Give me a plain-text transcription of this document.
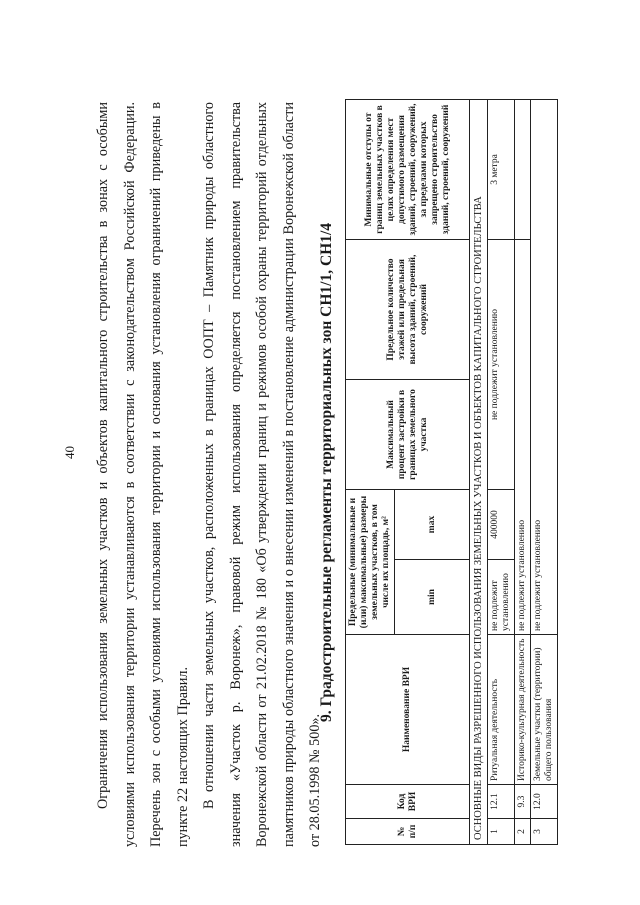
40	Ограничения использования земельных участков и объектов капитального строительства в зонах с особыми условиями использования территории устанавливаются в соответствии с законодательством Российской Федерации. Перечень зон с особыми условиями использования территории и основания установления ограничений приведены в пункте 22 настоящих Правил. В отношении части земельных участков, расположенных в границах ООПТ – Памятник природы областного значения «Участок р. Воронеж», правовой режим использования определяется постановлением правительства Воронежской области от 21.02.2018 № 180 «Об утверждении границ и режимов особой охраны территорий отдельных памятников природы областного значения и о внесении изменений в постановление администрации Воронежской области от 28.05.1998 № 500».

9. Градостроительные регламенты территориальных зон СН1/1, СН1/4
№ п/п	Код ВРИ	Наименование ВРИ	Предельные (минимальные и (или) максимальные) размеры земельных участков, в том числе их площадь, м²		Максимальный процент застройки в границах земельного участка	Предельное количество этажей или предельная высота зданий, строений, сооружений	Минимальные отступы от границ земельных участков в целях определения мест допустимого размещения зданий, строений, сооружений, за пределами которых запрещено строительство зданий, строений, сооружений
			min	max			
ОСНОВНЫЕ ВИДЫ РАЗРЕШЕННОГО ИСПОЛЬЗОВАНИЯ ЗЕМЕЛЬНЫХ УЧАСТКОВ И ОБЪЕКТОВ КАПИТАЛЬНОГО СТРОИТЕЛЬСТВА							
1	12.1	Ритуальная деятельность	не подлежит установлению	400000	не подлежит установлению		3 метра
2	9.3	Историко-культурная деятельность	не подлежит установлению				
3	12.0	Земельные участки (территории) общего пользования	не подлежит установлению				
